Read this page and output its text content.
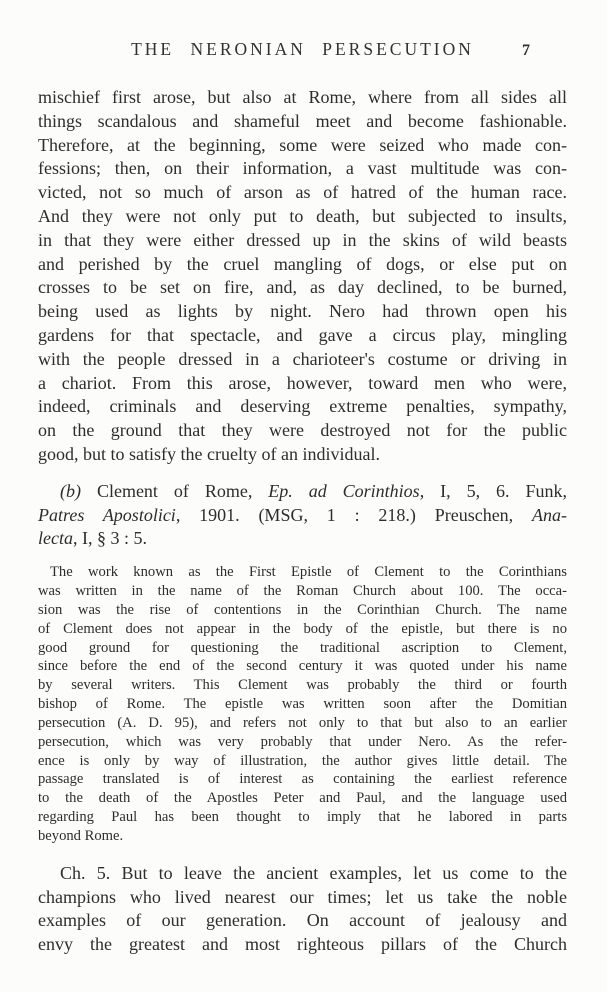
THE NERONIAN PERSECUTION	7
mischief first arose, but also at Rome, where from all sides all
things scandalous and shameful meet and become fashionable.
Therefore, at the beginning, some were seized who made con-
fessions; then, on their information, a vast multitude was con-
victed, not so much of arson as of hatred of the human race.
And they were not only put to death, but subjected to insults,
in that they were either dressed up in the skins of wild beasts
and perished by the cruel mangling of dogs, or else put on
crosses to be set on fire, and, as day declined, to be burned,
being used as lights by night. Nero had thrown open his
gardens for that spectacle, and gave a circus play, mingling
with the people dressed in a charioteer's costume or driving in
a chariot. From this arose, however, toward men who were,
indeed, criminals and deserving extreme penalties, sympathy,
on the ground that they were destroyed not for the public
good, but to satisfy the cruelty of an individual.
(b) Clement of Rome, Ep. ad Corinthios, I, 5, 6. Funk,
Patres Apostolici, 1901. (MSG, 1 : 218.) Preuschen, Ana-
lecta, I, § 3 : 5.
The work known as the First Epistle of Clement to the Corinthians
was written in the name of the Roman Church about 100. The occa-
sion was the rise of contentions in the Corinthian Church. The name
of Clement does not appear in the body of the epistle, but there is no
good ground for questioning the traditional ascription to Clement,
since before the end of the second century it was quoted under his name
by several writers. This Clement was probably the third or fourth
bishop of Rome. The epistle was written soon after the Domitian
persecution (A. D. 95), and refers not only to that but also to an earlier
persecution, which was very probably that under Nero. As the refer-
ence is only by way of illustration, the author gives little detail. The
passage translated is of interest as containing the earliest reference
to the death of the Apostles Peter and Paul, and the language used
regarding Paul has been thought to imply that he labored in parts
beyond Rome.
Ch. 5. But to leave the ancient examples, let us come to the
champions who lived nearest our times; let us take the noble
examples of our generation. On account of jealousy and
envy the greatest and most righteous pillars of the Church
